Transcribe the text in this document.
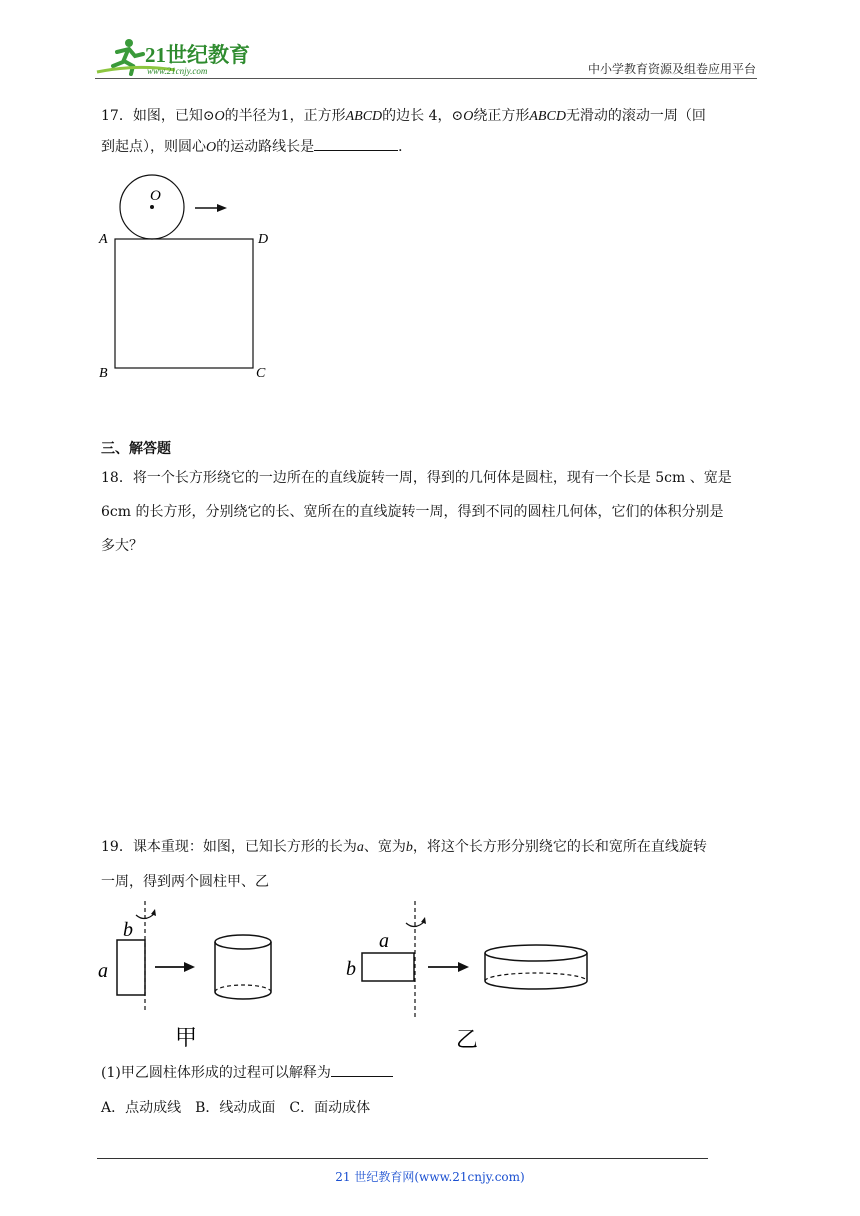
21世纪教育
www.21cnjy.com	中小学教育资源及组卷应用平台
17．如图，已知⊙O的半径为1，正方形ABCD的边长 4，⊙O绕正方形ABCD无滑动的滚动一周（回
到起点），则圆心O的运动路线长是	．
O
A	D
B	C
三、解答题
18．将一个长方形绕它的一边所在的直线旋转一周，得到的几何体是圆柱，现有一个长是 5cm 、宽是
6cm 的长方形，分别绕它的长、宽所在的直线旋转一周，得到不同的圆柱几何体，它们的体积分别是
多大？
19．课本重现：如图，已知长方形的长为a、宽为b，将这个长方形分别绕它的长和宽所在直线旋转
一周，得到两个圆柱甲、乙
b
a
甲
a
b
乙
(1)甲乙圆柱体形成的过程可以解释为
A．点动成线　B．线动成面　C．面动成体
21 世纪教育网(www.21cnjy.com)
